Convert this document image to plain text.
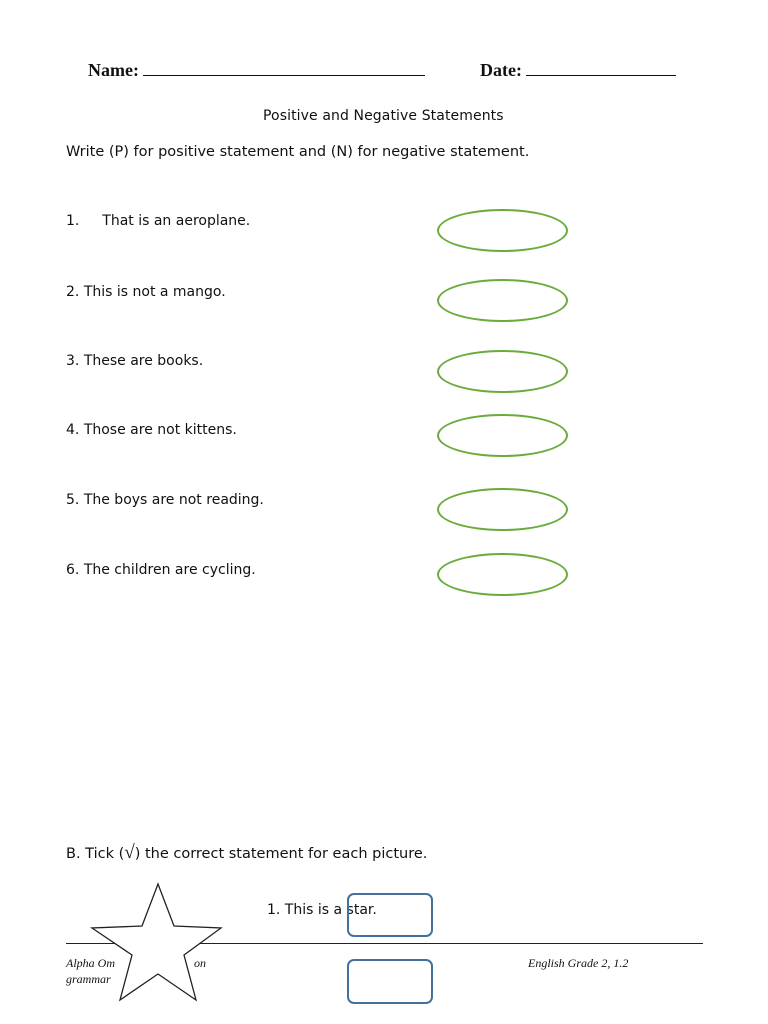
Name:	Date:
Positive and Negative Statements
Write (P) for positive statement and (N) for negative statement.
1. That is an aeroplane.
2. This is not a mango.
3. These are books.
4. Those are not kittens.
5. The boys are not reading.
6. The children are cycling.
B. Tick (√) the correct statement for each picture.
1. This is a star.
Alpha Om	on
grammar
English Grade 2, 1.2
